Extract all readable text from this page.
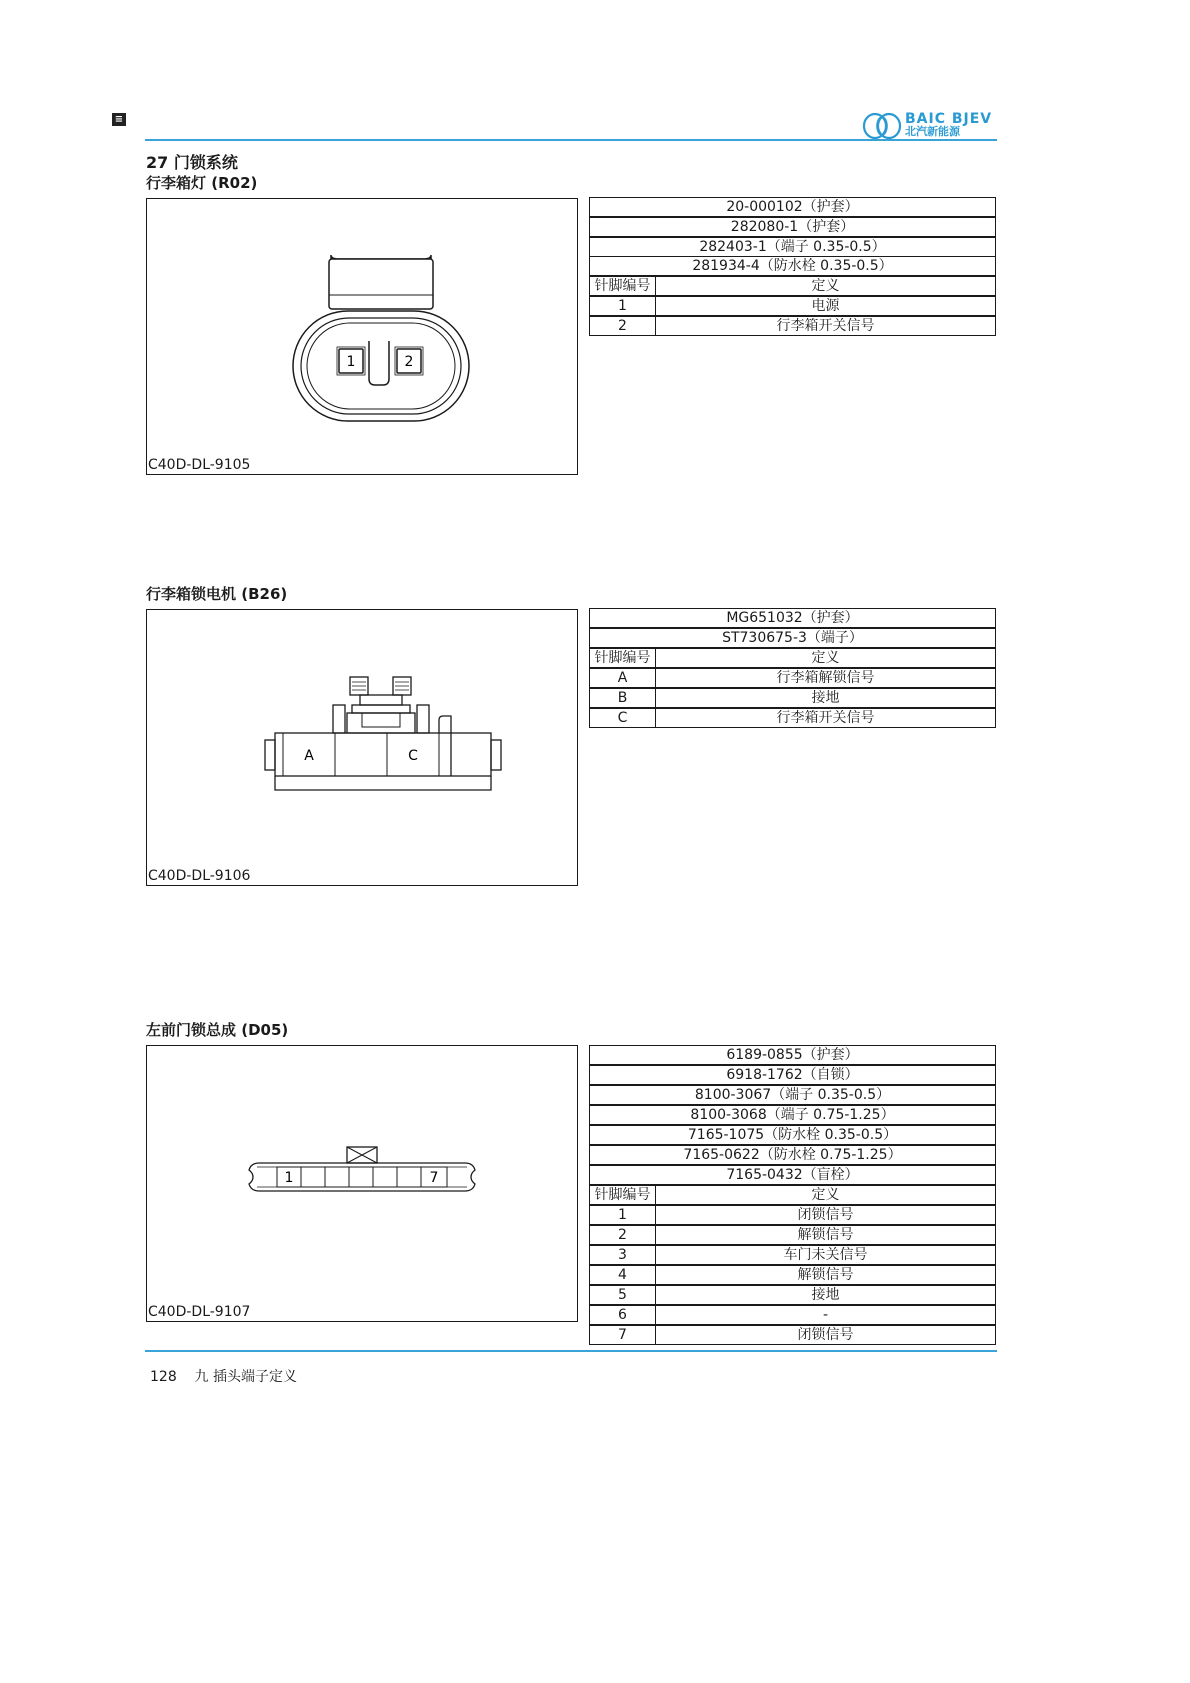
≡	BAIC BJEV
北汽新能源
27 门锁系统
行李箱灯 (R02)
1	2
C40D-DL-9105
20-000102（护套）	
282080-1（护套）	
282403-1（端子 0.35-0.5）	
281934-4（防水栓 0.35-0.5）	
针脚编号	定义
1	电源
2	行李箱开关信号
行李箱锁电机 (B26)
A	C
C40D-DL-9106
MG651032（护套）	
ST730675-3（端子）	
针脚编号	定义
A	行李箱解锁信号
B	接地
C	行李箱开关信号
左前门锁总成 (D05)
1	7
C40D-DL-9107
6189-0855（护套）	
6918-1762（自锁）	
8100-3067（端子 0.35-0.5）	
8100-3068（端子 0.75-1.25）	
7165-1075（防水栓 0.35-0.5）	
7165-0622（防水栓 0.75-1.25）	
7165-0432（盲栓）	
针脚编号	定义
1	闭锁信号
2	解锁信号
3	车门未关信号
4	解锁信号
5	接地
6	-
7	闭锁信号
128 九 插头端子定义
